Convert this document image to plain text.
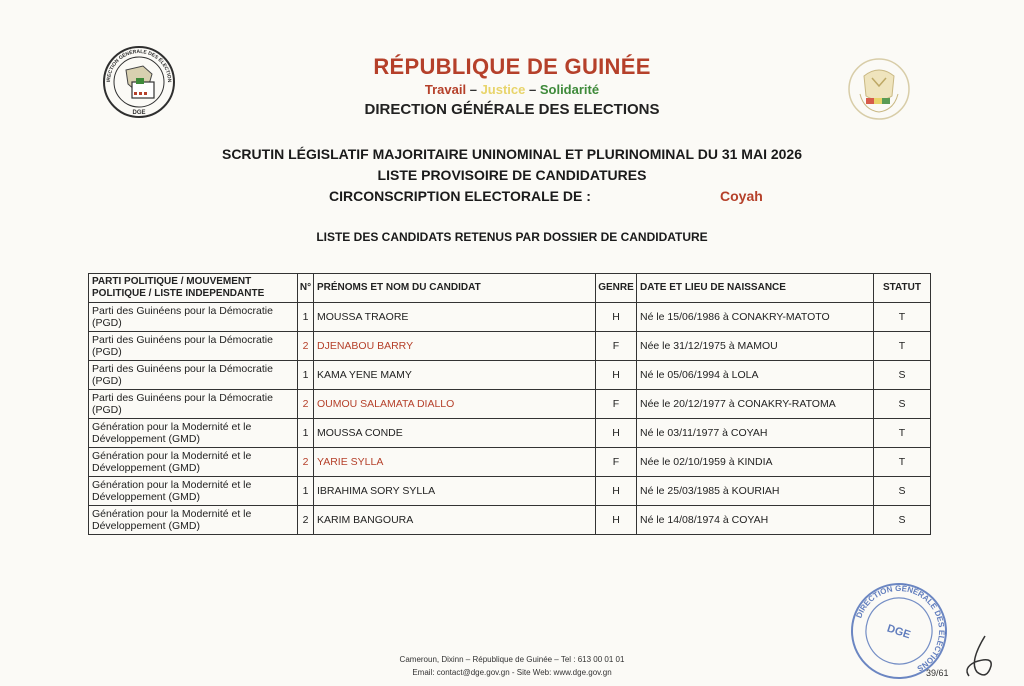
IRECTION GÉNÉRALE DES ÉLECTION
DGE
RÉPUBLIQUE DE GUINÉE
Travail – Justice – Solidarité
DIRECTION GÉNÉRALE DES ELECTIONS
SCRUTIN LÉGISLATIF MAJORITAIRE UNINOMINAL ET PLURINOMINAL DU 31 MAI 2026
LISTE PROVISOIRE DE CANDIDATURES
CIRCONSCRIPTION ELECTORALE DE :	Coyah
LISTE DES CANDIDATS RETENUS PAR DOSSIER DE CANDIDATURE
PARTI POLITIQUE / MOUVEMENT POLITIQUE / LISTE INDEPENDANTE	N°	PRÉNOMS ET NOM DU CANDIDAT	GENRE	DATE ET LIEU DE NAISSANCE	STATUT
Parti des Guinéens pour la Démocratie (PGD)	1	MOUSSA TRAORE	H	Né le 15/06/1986 à CONAKRY-MATOTO	T
Parti des Guinéens pour la Démocratie (PGD)	2	DJENABOU BARRY	F	Née le 31/12/1975 à MAMOU	T
Parti des Guinéens pour la Démocratie (PGD)	1	KAMA YENE MAMY	H	Né le 05/06/1994 à LOLA	S
Parti des Guinéens pour la Démocratie (PGD)	2	OUMOU SALAMATA DIALLO	F	Née le 20/12/1977 à CONAKRY-RATOMA	S
Génération pour la Modernité et le Développement (GMD)	1	MOUSSA CONDE	H	Né le 03/11/1977 à COYAH	T
Génération pour la Modernité et le Développement (GMD)	2	YARIE SYLLA	F	Née le 02/10/1959 à KINDIA	T
Génération pour la Modernité et le Développement (GMD)	1	IBRAHIMA SORY SYLLA	H	Né le 25/03/1985 à KOURIAH	S
Génération pour la Modernité et le Développement (GMD)	2	KARIM BANGOURA	H	Né le 14/08/1974 à COYAH	S
DIRECTION GÉNÉRALE DES ÉLECTIONS
DGE
Cameroun, Dixinn – République de Guinée – Tel : 613 00 01 01
Email: contact@dge.gov.gn - Site Web: www.dge.gov.gn	39/61
